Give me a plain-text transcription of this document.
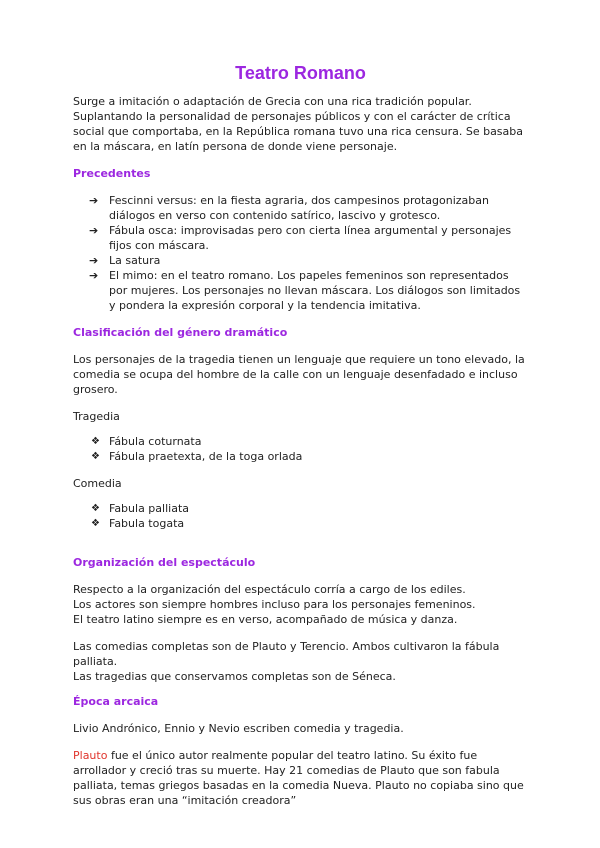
Teatro Romano

Surge a imitación o adaptación de Grecia con una rica tradición popular. Suplantando la personalidad de personajes públicos y con el carácter de crítica social que comportaba, en la República romana tuvo una rica censura. Se basaba en la máscara, en latín persona de donde viene personaje.

Precedentes
➔ Fescinni versus: en la fiesta agraria, dos campesinos protagonizaban diálogos en verso con contenido satírico, lascivo y grotesco.
➔ Fábula osca: improvisadas pero con cierta línea argumental y personajes fijos con máscara.
➔ La satura
➔ El mimo: en el teatro romano. Los papeles femeninos son representados por mujeres. Los personajes no llevan máscara. Los diálogos son limitados y pondera la expresión corporal y la tendencia imitativa.
Clasificación del género dramático

Los personajes de la tragedia tienen un lenguaje que requiere un tono elevado, la comedia se ocupa del hombre de la calle con un lenguaje desenfadado e incluso grosero.

Tragedia

❖ Fábula coturnata
❖ Fábula praetexta, de la toga orlada

Comedia

❖ Fabula palliata
❖ Fabula togata
Organización del espectáculo

Respecto a la organización del espectáculo corría a cargo de los ediles.

Los actores son siempre hombres incluso para los personajes femeninos.

El teatro latino siempre es en verso, acompañado de música y danza.

Las comedias completas son de Plauto y Terencio. Ambos cultivaron la fábula palliata.

Las tragedias que conservamos completas son de Séneca.

Época arcaica

Livio Andrónico, Ennio y Nevio escriben comedia y tragedia.

Plauto fue el único autor realmente popular del teatro latino. Su éxito fue arrollador y creció tras su muerte. Hay 21 comedias de Plauto que son fabula palliata, temas griegos basadas en la comedia Nueva. Plauto no copiaba sino que sus obras eran una “imitación creadora”
